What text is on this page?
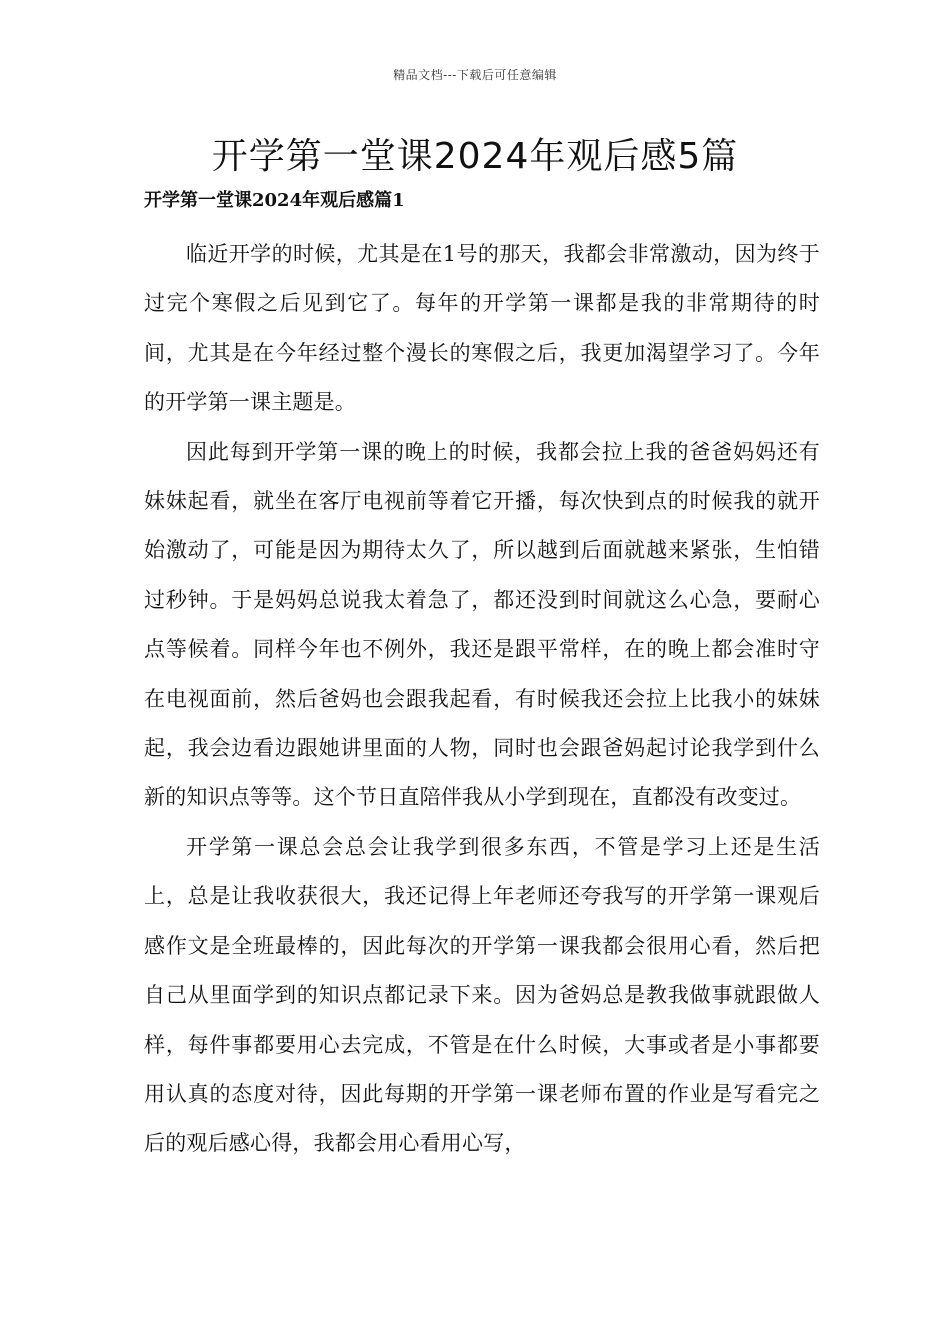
精品文档---下载后可任意编辑
开学第一堂课2024年观后感5篇
开学第一堂课2024年观后感篇1

临近开学的时候，尤其是在1号的那天，我都会非常激动，因为终于过完个寒假之后见到它了。每年的开学第一课都是我的非常期待的时间，尤其是在今年经过整个漫长的寒假之后，我更加渴望学习了。今年的开学第一课主题是。

因此每到开学第一课的晚上的时候，我都会拉上我的爸爸妈妈还有妹妹起看，就坐在客厅电视前等着它开播，每次快到点的时候我的就开始激动了，可能是因为期待太久了，所以越到后面就越来紧张，生怕错过秒钟。于是妈妈总说我太着急了，都还没到时间就这么心急，要耐心点等候着。同样今年也不例外，我还是跟平常样，在的晚上都会准时守在电视面前，然后爸妈也会跟我起看，有时候我还会拉上比我小的妹妹起，我会边看边跟她讲里面的人物，同时也会跟爸妈起讨论我学到什么新的知识点等等。这个节日直陪伴我从小学到现在，直都没有改变过。

开学第一课总会总会让我学到很多东西，不管是学习上还是生活上，总是让我收获很大，我还记得上年老师还夸我写的开学第一课观后感作文是全班最棒的，因此每次的开学第一课我都会很用心看，然后把自己从里面学到的知识点都记录下来。因为爸妈总是教我做事就跟做人样，每件事都要用心去完成，不管是在什么时候，大事或者是小事都要用认真的态度对待，因此每期的开学第一课老师布置的作业是写看完之后的观后感心得，我都会用心看用心写，
